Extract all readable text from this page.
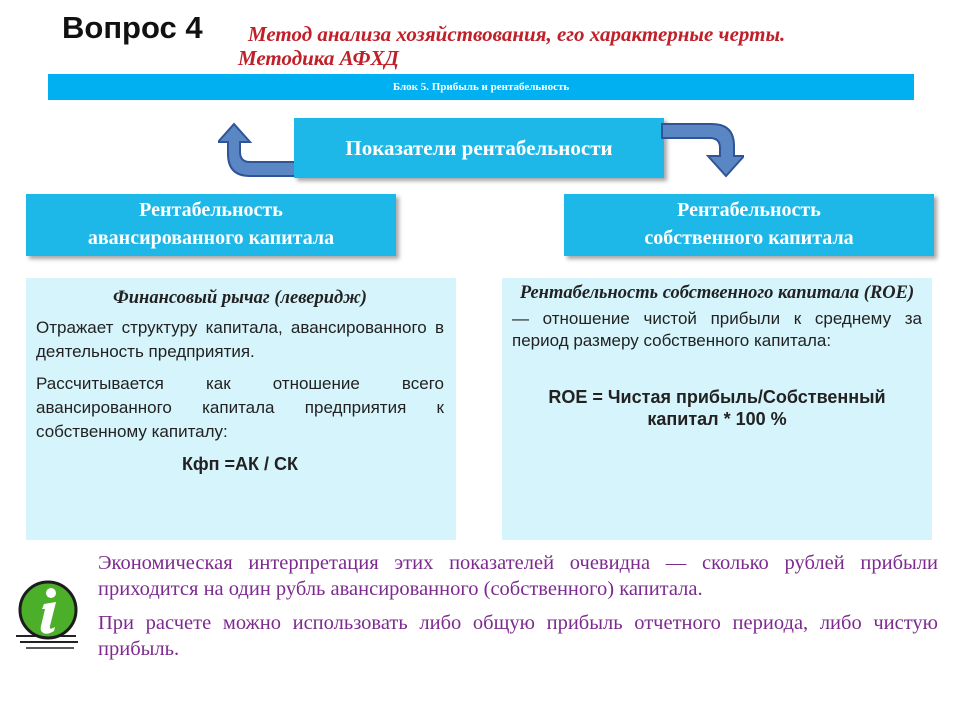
Вопрос 4	Метод анализа хозяйствования, его характерные черты.
Методика АФХД
Блок 5. Прибыль и рентабельность
Показатели рентабельности
Рентабельность
авансированного капитала
Рентабельность
собственного капитала
Финансовый рычаг (леверидж)
Отражает структуру капитала, авансированного в деятельность предприятия.
Рассчитывается как отношение всего авансированного капитала предприятия к собственному капиталу:
Кфп =АК / СК
Рентабельность собственного капитала (ROE)
— отношение чистой прибыли к среднему за период размеру собственного капитала:
ROE = Чистая прибыль/Собственный капитал * 100 %

Экономическая интерпретация этих показателей очевидна — сколько рублей прибыли приходится на один рубль авансированного (собственного) капитала.

При расчете можно использовать либо общую прибыль отчетного периода, либо чистую прибыль.
